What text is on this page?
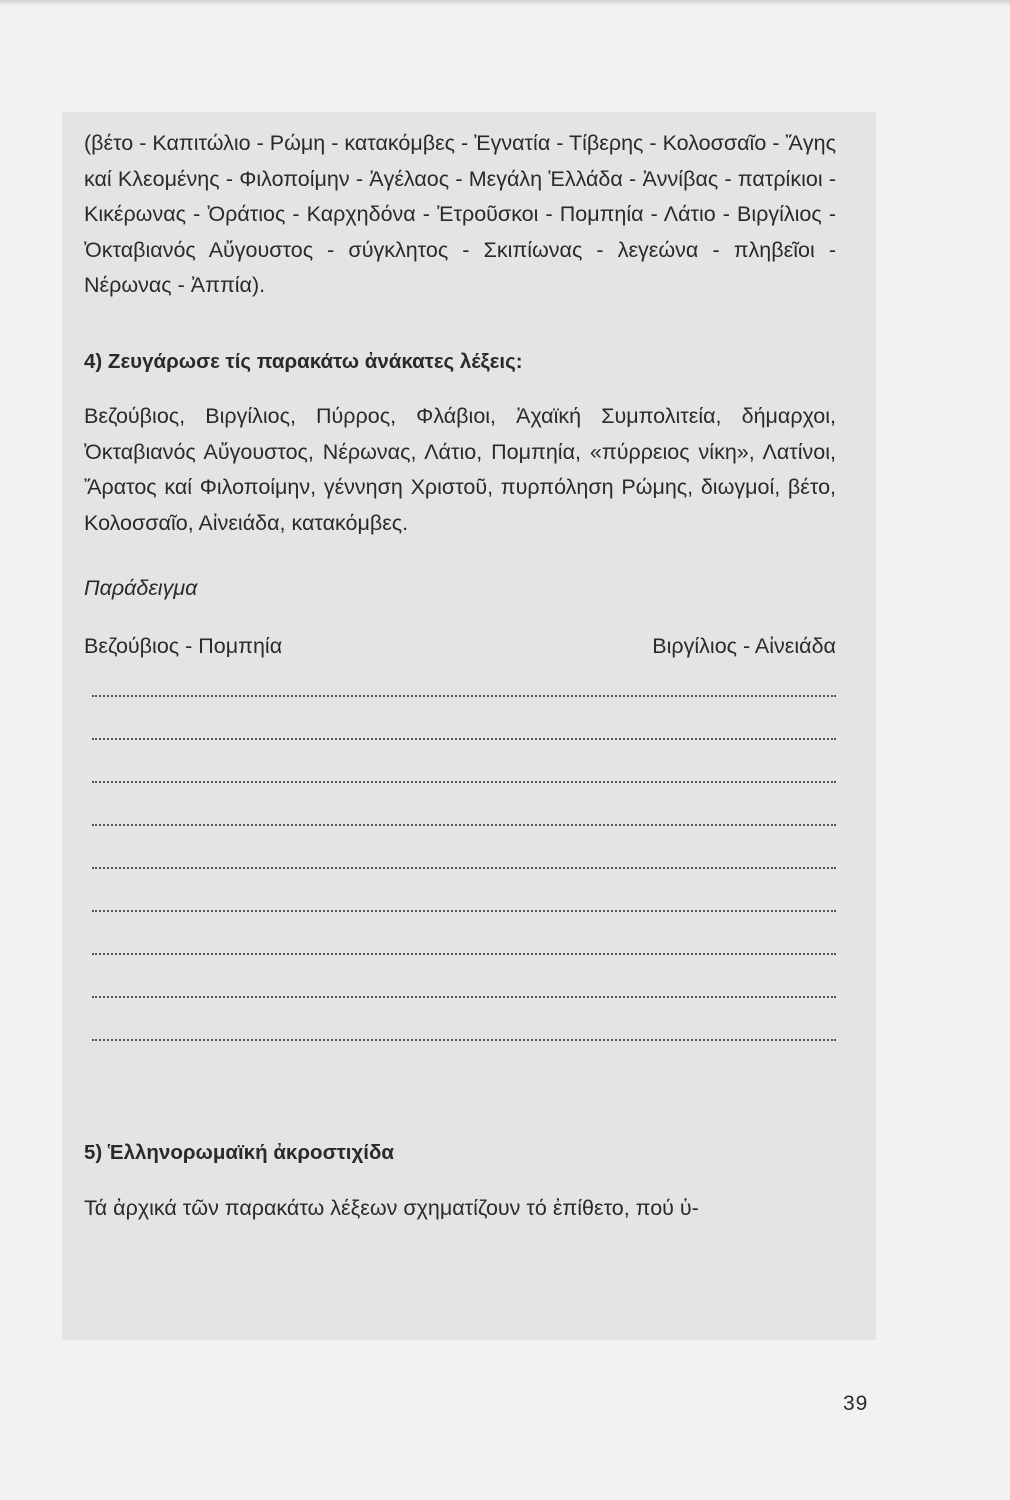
(βέτο - Καπιτώλιο - Ρώμη - κατακόμβες - Ἐγνατία - Τίβερης - Κολοσσαῖο - Ἄγης καί Κλεομένης - Φιλοποίμην - Ἀγέλαος - Μεγάλη Ἑλλάδα - Ἀννίβας - πατρίκιοι - Κικέρωνας - Ὀράτιος - Καρχηδόνα - Ἐτροῦσκοι - Πομπηία - Λάτιο - Βιργίλιος - Ὀκταβιανός Αὔγουστος - σύγκλητος - Σκιπίωνας - λεγεώνα - πληβεῖοι - Νέρωνας - Ἀππία).

4) Ζευγάρωσε τίς παρακάτω ἀνάκατες λέξεις:

Βεζούβιος, Βιργίλιος, Πύρρος, Φλάβιοι, Ἀχαϊκή Συμπολιτεία, δήμαρχοι, Ὀκταβιανός Αὔγουστος, Νέρωνας, Λάτιο, Πομπηία, «πύρρειος νίκη», Λατίνοι, Ἄρατος καί Φιλοποίμην, γέννηση Χριστοῦ, πυρπόληση Ρώμης, διωγμοί, βέτο, Κολοσσαῖο, Αἰνειάδα, κατακόμβες.

Παράδειγμα

Βεζούβιος - Πομπηία	Βιργίλιος - Αἰνειάδα

5) Ἑλληνορωμαϊκή ἀκροστιχίδα

Τά ἀρχικά τῶν παρακάτω λέξεων σχηματίζουν τό ἐπίθετο, πού ὑ-

39
